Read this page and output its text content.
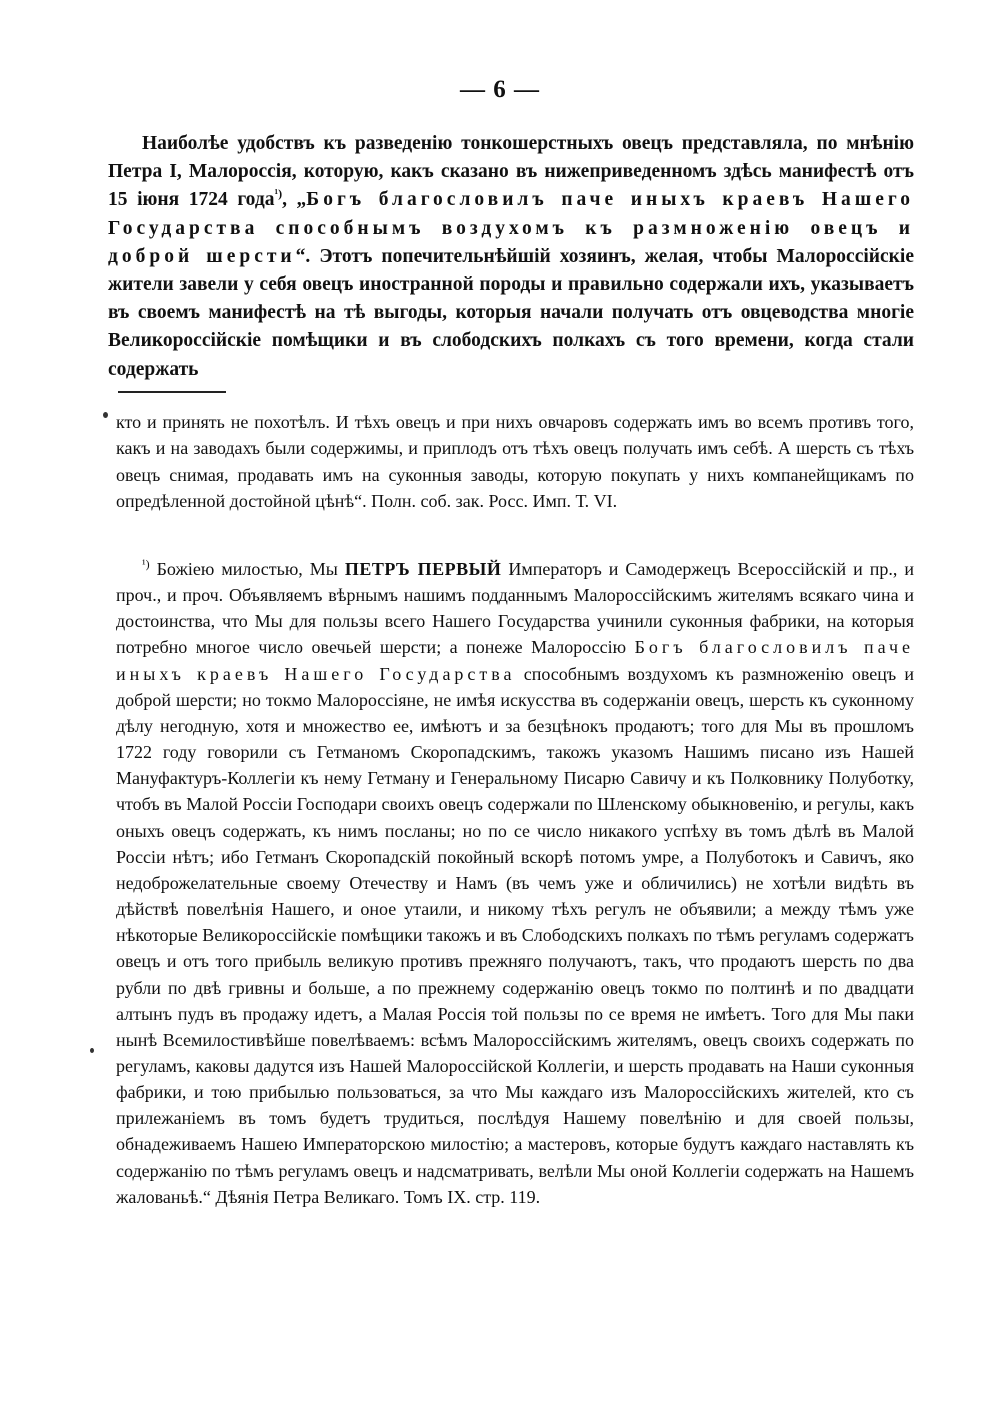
— 6 —

Наиболѣе удобствъ къ разведенію тонкошерстныхъ овецъ представляла, по мнѣнію Петра I, Малороссія, которую, какъ сказано въ нижеприведенномъ здѣсь манифестѣ отъ 15 іюня 1724 года$^{^1)}$, „Богъ благословилъ паче иныхъ краевъ Нашего Государства способнымъ воздухомъ къ размноженію овецъ и доброй шерсти“. Этотъ попечительнѣйшій хозяинъ, желая, чтобы Малороссійскіе жители завели у себя овецъ иностранной породы и правильно содержали ихъ, указываетъ въ своемъ манифестѣ на тѣ выгоды, которыя начали получать отъ овцеводства многіе Великороссійскіе помѣщики и въ слободскихъ полкахъ съ того времени, когда стали содержать

кто и принять не похотѣлъ. И тѣхъ овецъ и при нихъ овчаровъ содержать имъ во всемъ противъ того, какъ и на заводахъ были содержимы, и приплодъ отъ тѣхъ овецъ получать имъ себѣ. А шерсть съ тѣхъ овецъ снимая, продавать имъ на суконныя заводы, которую покупать у нихъ компанейщикамъ по опредѣленной достойной цѣнѣ“. Полн. соб. зак. Росс. Имп. Т. VI.

$^{^1)}$ Божіею милостью, Мы ПЕТРЪ ПЕРВЫЙ Императоръ и Самодержецъ Всероссійскій и пр., и проч., и проч. Объявляемъ вѣрнымъ нашимъ подданнымъ Малороссійскимъ жителямъ всякаго чина и достоинства, что Мы для пользы всего Нашего Государства учинили суконныя фабрики, на которыя потребно многое число овечьей шерсти; а понеже Малороссію Богъ благословилъ паче иныхъ краевъ Нашего Государства способнымъ воздухомъ къ размноженію овецъ и доброй шерсти; но токмо Малороссіяне, не имѣя искусства въ содержаніи овецъ, шерсть къ суконному дѣлу негодную, хотя и множество ее, имѣютъ и за безцѣнокъ продаютъ; того для Мы въ прошломъ 1722 году говорили съ Гетманомъ Скоропадскимъ, такожъ указомъ Нашимъ писано изъ Нашей Мануфактуръ-Коллегіи къ нему Гетману и Генеральному Писарю Савичу и къ Полковнику Полуботку, чтобъ въ Малой Россіи Господари своихъ овецъ содержали по Шленскому обыкновенію, и регулы, какъ оныхъ овецъ содержать, къ нимъ посланы; но по се число никакого успѣху въ томъ дѣлѣ въ Малой Россіи нѣтъ; ибо Гетманъ Скоропадскій покойный вскорѣ потомъ умре, а Полуботокъ и Савичъ, яко недоброжелательные своему Отечеству и Намъ (въ чемъ уже и обличились) не хотѣли видѣть въ дѣйствѣ повелѣнія Нашего, и оное утаили, и никому тѣхъ регулъ не объявили; а между тѣмъ уже нѣкоторые Великороссійскіе помѣщики такожъ и въ Слободскихъ полкахъ по тѣмъ регуламъ содержатъ овецъ и отъ того прибыль великую противъ прежняго получаютъ, такъ, что продаютъ шерсть по два рубли по двѣ гривны и больше, а по прежнему содержанію овецъ токмо по полтинѣ и по двадцати алтынъ пудъ въ продажу идетъ, а Малая Россія той пользы по се время не имѣетъ. Того для Мы паки нынѣ Всемилостивѣйше повелѣваемъ: всѣмъ Малороссійскимъ жителямъ, овецъ своихъ содержать по регуламъ, каковы дадутся изъ Нашей Малороссійской Коллегіи, и шерсть продавать на Наши суконныя фабрики, и тою прибылью пользоваться, за что Мы каждаго изъ Малороссійскихъ жителей, кто съ прилежаніемъ въ томъ будетъ трудиться, послѣдуя Нашему повелѣнію и для своей пользы, обнадеживаемъ Нашею Императорскою милостію; а мастеровъ, которые будутъ каждаго наставлять къ содержанію по тѣмъ регуламъ овецъ и надсматривать, велѣли Мы оной Коллегіи содержать на Нашемъ жалованьѣ.“ Дѣянія Петра Великаго. Томъ IX. стр. 119.
